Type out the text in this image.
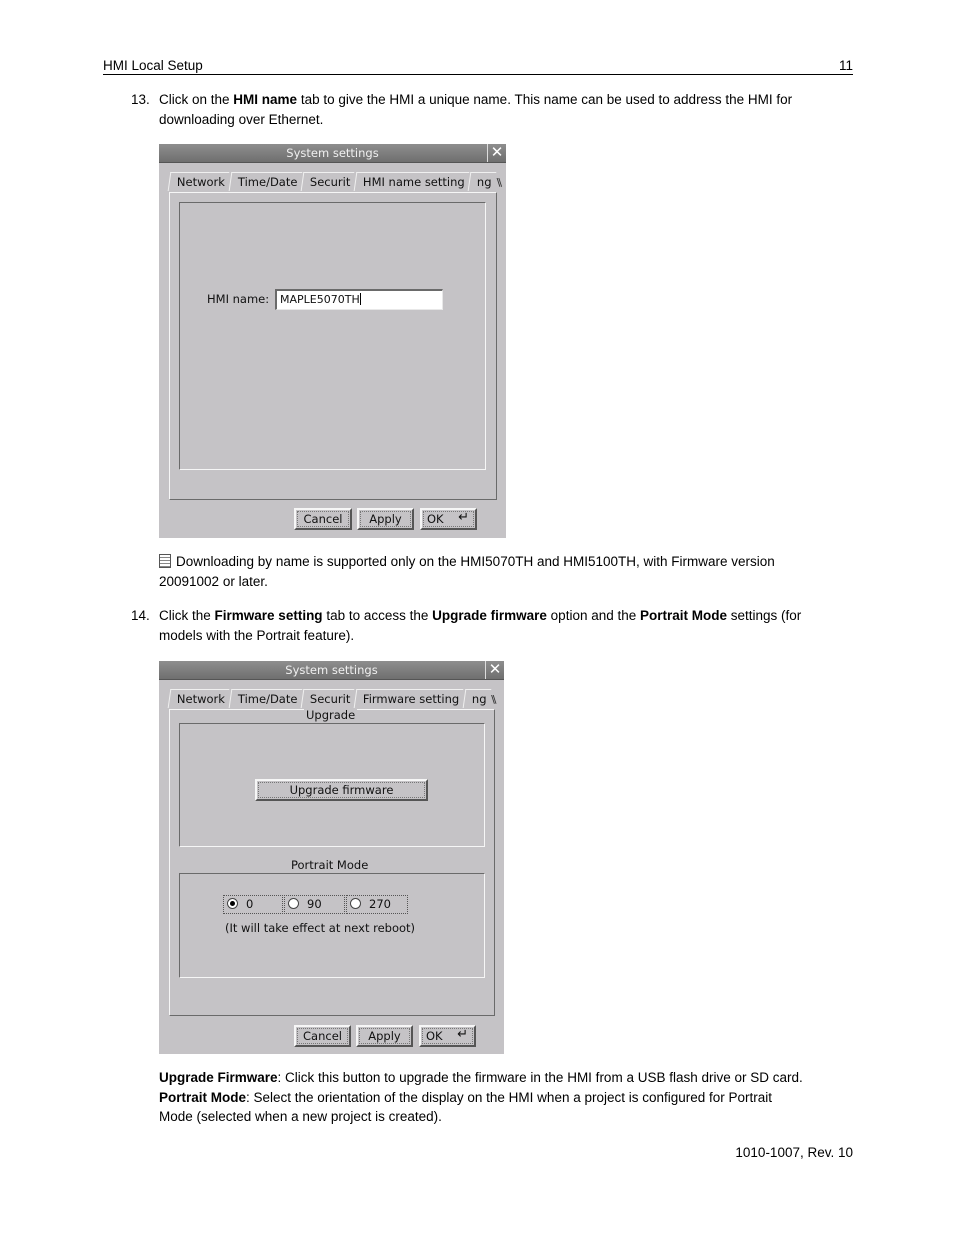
HMI Local Setup	11
13. Click on the HMI name tab to give the HMI a unique name. This name can be used to address the HMI for
downloading over Ethernet.
System settings	✕
Network Time/Date Securit HMI name setting ng \\
HMI name: MAPLE5070TH
Cancel	Apply	OK ↵
Downloading by name is supported only on the HMI5070TH and HMI5100TH, with Firmware version
20091002 or later.
14. Click the Firmware setting tab to access the Upgrade firmware option and the Portrait Mode settings (for
models with the Portrait feature).
System settings	✕
Network Time/Date Securit Firmware setting ng \\
Upgrade
Upgrade firmware
Portrait Mode
0	90	270
(It will take effect at next reboot)
Cancel	Apply	OK ↵
Upgrade Firmware: Click this button to upgrade the firmware in the HMI from a USB flash drive or SD card.
Portrait Mode: Select the orientation of the display on the HMI when a project is configured for Portrait
Mode (selected when a new project is created).
1010-1007, Rev. 10
